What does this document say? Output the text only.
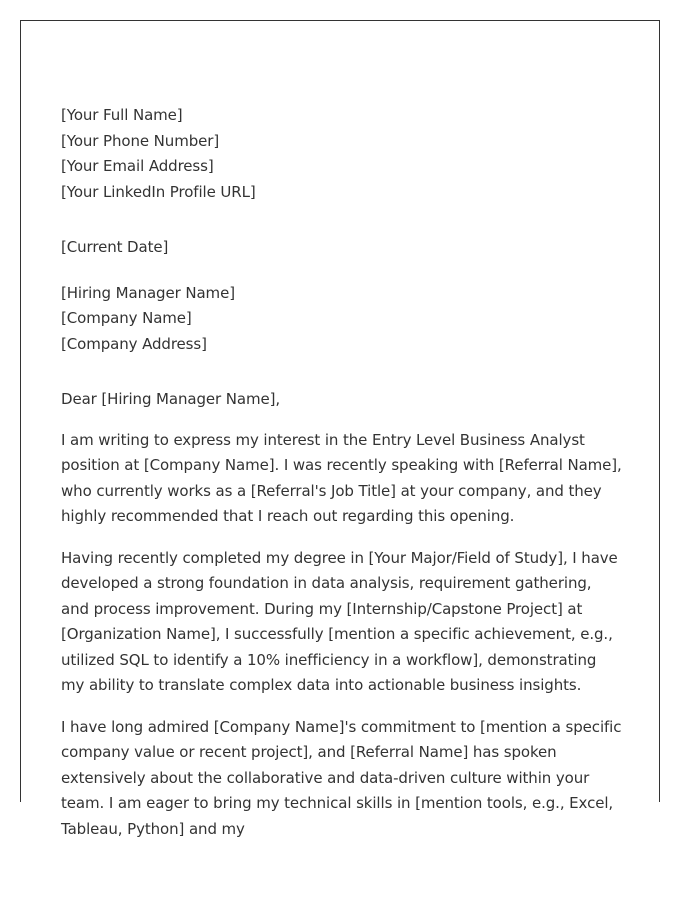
[Your Full Name]
[Your Phone Number]
[Your Email Address]
[Your LinkedIn Profile URL]
[Current Date]
[Hiring Manager Name]
[Company Name]
[Company Address]
Dear [Hiring Manager Name],

I am writing to express my interest in the Entry Level Business Analyst position at [Company Name]. I was recently speaking with [Referral Name], who currently works as a [Referral's Job Title] at your company, and they highly recommended that I reach out regarding this opening.

Having recently completed my degree in [Your Major/Field of Study], I have developed a strong foundation in data analysis, requirement gathering, and process improvement. During my [Internship/Capstone Project] at [Organization Name], I successfully [mention a specific achievement, e.g., utilized SQL to identify a 10% inefficiency in a workflow], demonstrating my ability to translate complex data into actionable business insights.

I have long admired [Company Name]'s commitment to [mention a specific company value or recent project], and [Referral Name] has spoken extensively about the collaborative and data-driven culture within your team. I am eager to bring my technical skills in [mention tools, e.g., Excel, Tableau, Python] and my
